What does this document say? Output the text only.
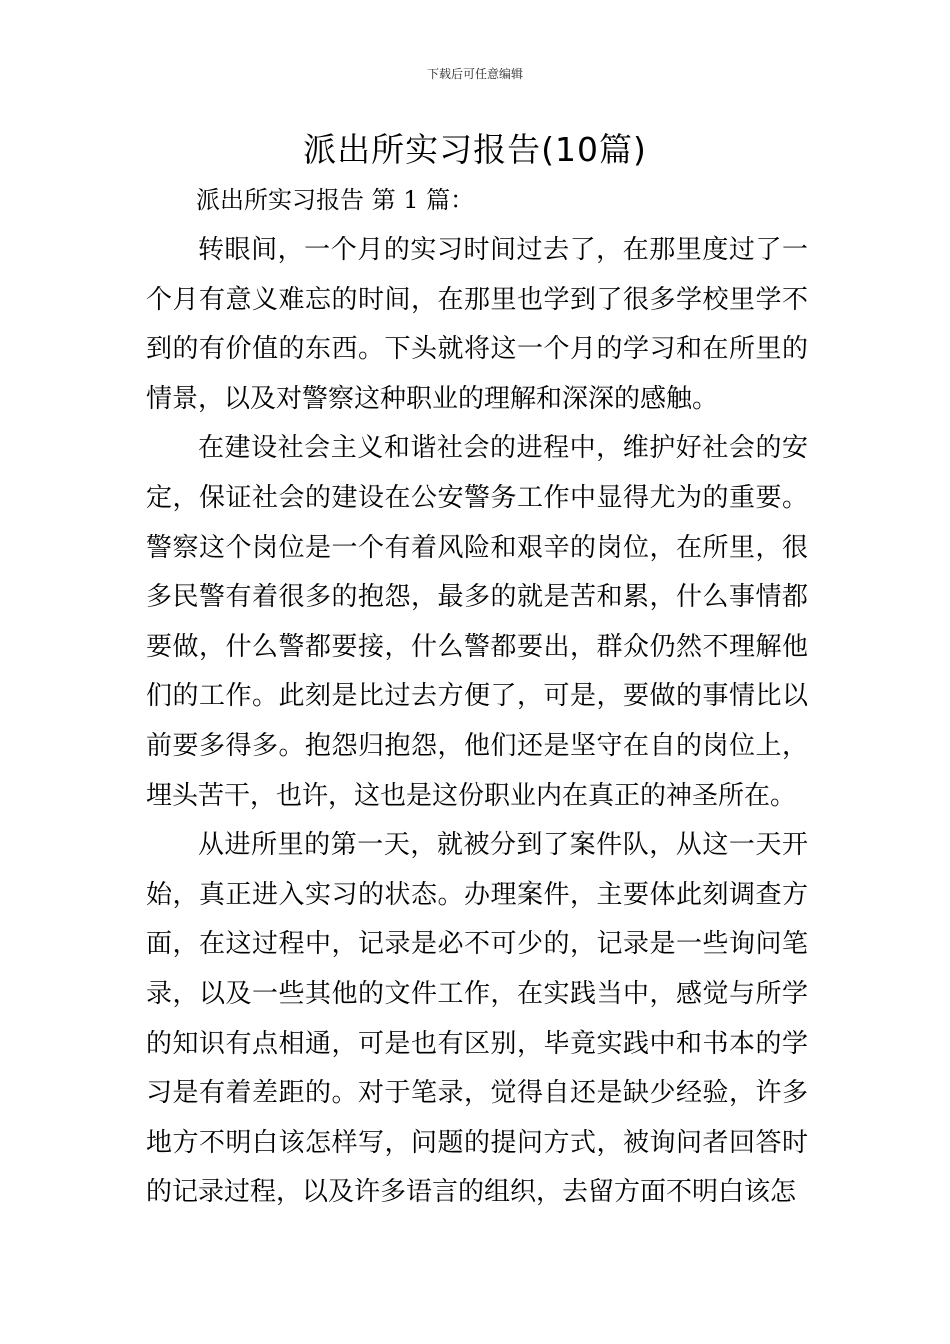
下载后可任意编辑
派出所实习报告(10篇)
派出所实习报告 第 1 篇：

转眼间，一个月的实习时间过去了，在那里度过了一个月有意义难忘的时间，在那里也学到了很多学校里学不到的有价值的东西。下头就将这一个月的学习和在所里的情景，以及对警察这种职业的理解和深深的感触。

在建设社会主义和谐社会的进程中，维护好社会的安定，保证社会的建设在公安警务工作中显得尤为的重要。警察这个岗位是一个有着风险和艰辛的岗位，在所里，很多民警有着很多的抱怨，最多的就是苦和累，什么事情都要做，什么警都要接，什么警都要出，群众仍然不理解他们的工作。此刻是比过去方便了，可是，要做的事情比以前要多得多。抱怨归抱怨，他们还是坚守在自的岗位上，埋头苦干，也许，这也是这份职业内在真正的神圣所在。

从进所里的第一天，就被分到了案件队，从这一天开始，真正进入实习的状态。办理案件，主要体此刻调查方面，在这过程中，记录是必不可少的，记录是一些询问笔录，以及一些其他的文件工作，在实践当中，感觉与所学的知识有点相通，可是也有区别，毕竟实践中和书本的学习是有着差距的。对于笔录，觉得自还是缺少经验，许多地方不明白该怎样写，问题的提问方式，被询问者回答时的记录过程，以及许多语言的组织，去留方面不明白该怎
